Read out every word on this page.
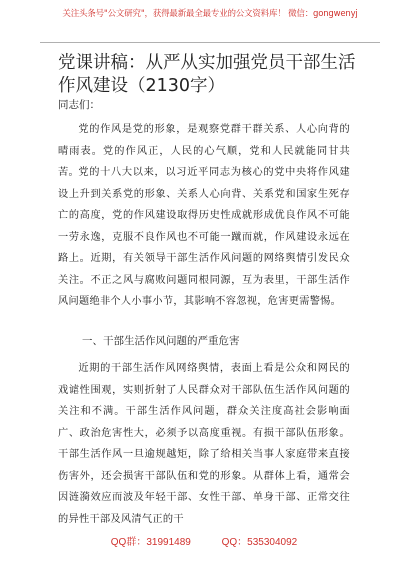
关注头条号"公文研究"，获得最新最全最专业的公文资料库！ 微信：gongwenyj
党课讲稿：从严从实加强党员干部生活作风建设（2130字）
同志们：
党的作风是党的形象，是观察党群干群关系、人心向背的晴雨表。党的作风正，人民的心气顺，党和人民就能同甘共苦。 党的十八大以来，以习近平同志为核心的党中央将作风建设上升到关系党的形象、关系人心向背、关系党和国家生死存亡的高度，党的作风建设取得历史性成就形成优良作风不可能一劳永逸，克服不良作风也不可能一蹴而就，作风建设永远在路上。近期，有关领导干部生活作风问题的网络舆情引发民众关注。不正之风与腐败问题同根同源，互为表里，干部生活作风问题绝非个人小事小节，其影响不容忽视，危害更需警惕。
一、干部生活作风问题的严重危害
近期的干部生活作风网络舆情，表面上看是公众和网民的戏谑性围观，实则折射了人民群众对干部队伍生活作风问题的关注和不满。干部生活作风问题，群众关注度高社会影响面广、政治危害性大，必须予以高度重视。有损干部队伍形象。干部生活作风一旦逾规越矩，除了给相关当事人家庭带来直接伤害外，还会损害干部队伍和党的形象。从群体上看，通常会因涟漪效应而波及年轻干部、女性干部、单身干部、正常交往的异性干部及风清气正的干
QQ群：31991489	QQ：535304092
